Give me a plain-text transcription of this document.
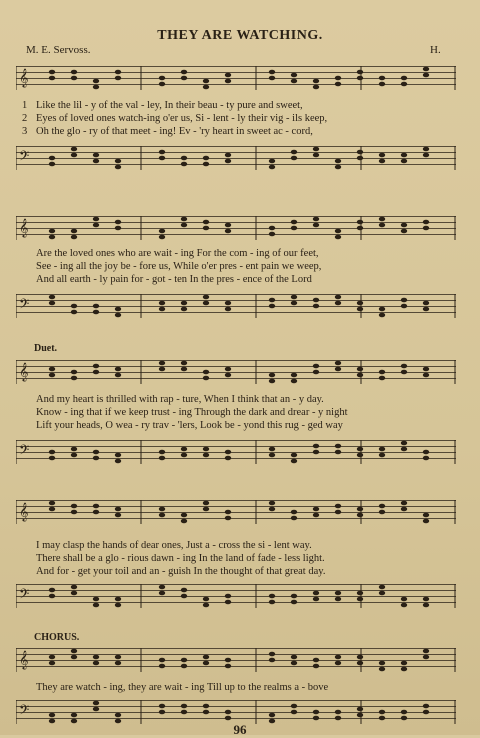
THEY ARE WATCHING.
M. E. Servoss.	H.
𝄞
1 Like the lil - y of the val - ley, In their beau - ty pure and sweet,
2 Eyes of loved ones watch-ing o'er us, Si - lent - ly their vig - ils keep,
3 Oh the glo - ry of that meet - ing! Ev - 'ry heart in sweet ac - cord,
𝄢
𝄞
Are the loved ones who are wait - ing For the com - ing of our feet,
See - ing all the joy be - fore us, While o'er pres - ent pain we weep,
And all earth - ly pain for - got - ten In the pres - ence of the Lord
𝄢
Duet.
𝄞
And my heart is thrilled with rap - ture, When I think that an - y day.
Know - ing that if we keep trust - ing Through the dark and drear - y night
Lift your heads, O wea - ry trav - 'lers, Look be - yond this rug - ged way
𝄢
𝄞
I may clasp the hands of dear ones, Just a - cross the si - lent way.
There shall be a glo - rious dawn - ing In the land of fade - less light.
And for - get your toil and an - guish In the thought of that great day.
𝄢
CHORUS.
𝄞
They are watch - ing, they are wait - ing Till up to the realms a - bove
𝄢
96
